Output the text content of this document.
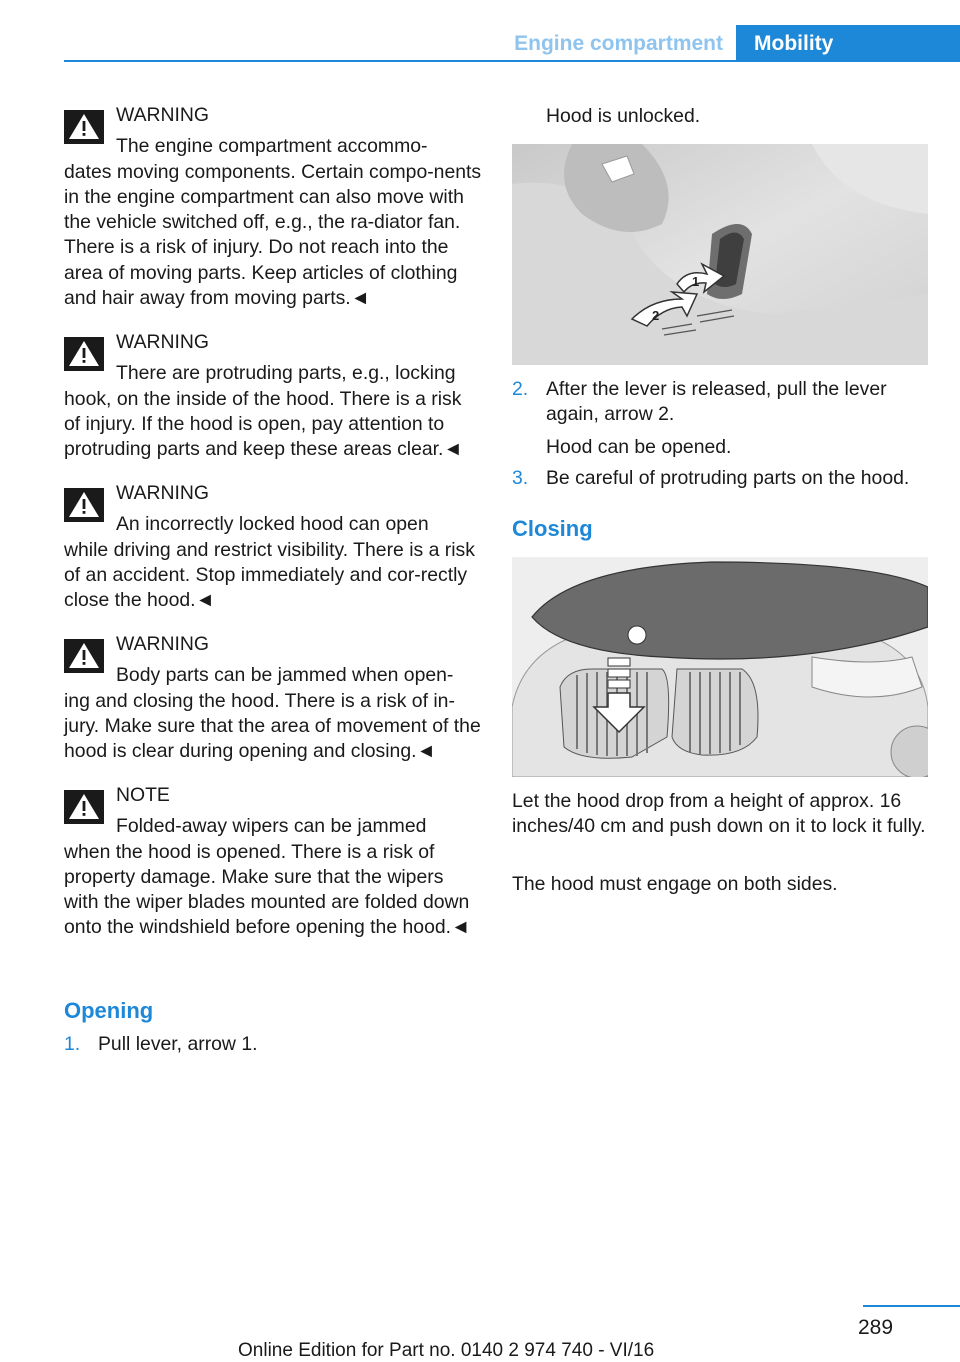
Engine compartment	Mobility
WARNING
The engine compartment accommo-
dates moving components. Certain compo-nents in the engine compartment can also move with the vehicle switched off, e.g., the ra-diator fan. There is a risk of injury. Do not reach into the area of moving parts. Keep articles of clothing and hair away from moving parts.◄
WARNING
There are protruding parts, e.g., locking
hook, on the inside of the hood. There is a risk of injury. If the hood is open, pay attention to protruding parts and keep these areas clear.◄
WARNING
An incorrectly locked hood can open
while driving and restrict visibility. There is a risk of an accident. Stop immediately and cor-rectly close the hood.◄
WARNING
Body parts can be jammed when open-
ing and closing the hood. There is a risk of in-jury. Make sure that the area of movement of the hood is clear during opening and closing.◄
NOTE
Folded-away wipers can be jammed
when the hood is opened. There is a risk of property damage. Make sure that the wipers with the wiper blades mounted are folded down onto the windshield before opening the hood.◄
Opening
1. Pull lever, arrow 1.
Hood is unlocked.
2
1
2. After the lever is released, pull the lever again, arrow 2.
Hood can be opened.
3. Be careful of protruding parts on the hood.
Closing
Let the hood drop from a height of approx. 16 inches/40 cm and push down on it to lock it fully.
The hood must engage on both sides.
289
Online Edition for Part no. 0140 2 974 740 - VI/16
